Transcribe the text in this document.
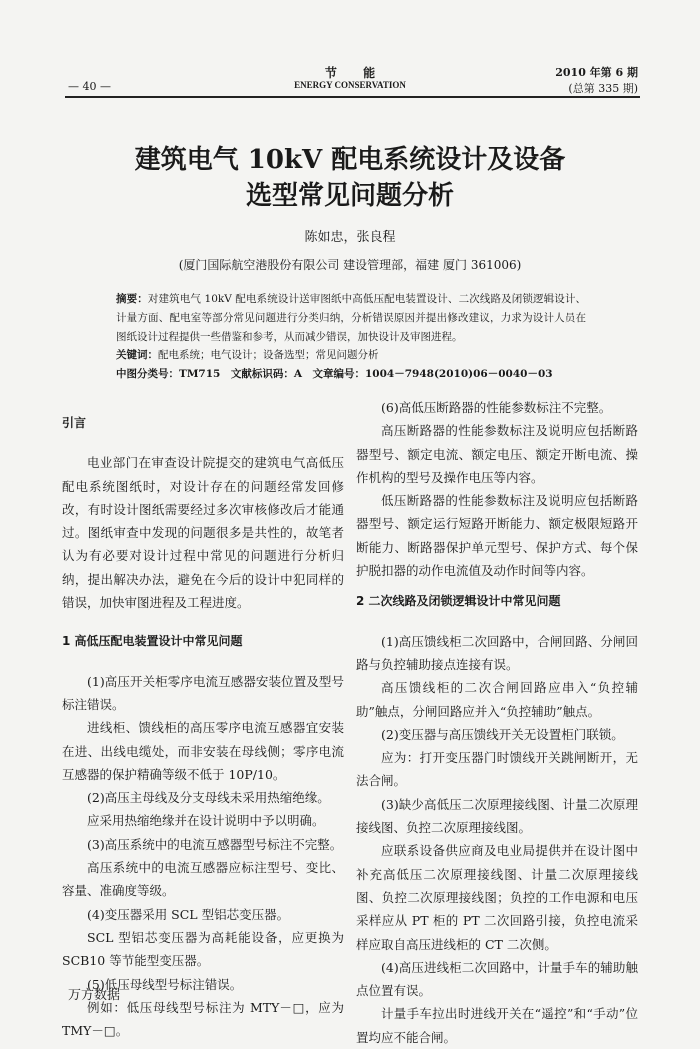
— 40 —
节 能
ENERGY CONSERVATION
2010 年第 6 期
(总第 335 期)
建筑电气 10kV 配电系统设计及设备
选型常见问题分析
陈如忠，张良程
(厦门国际航空港股份有限公司 建设管理部，福建 厦门 361006)
摘要：对建筑电气 10kV 配电系统设计送审图纸中高低压配电装置设计、二次线路及闭锁逻辑设计、计量方面、配电室等部分常见问题进行分类归纳，分析错误原因并提出修改建议，力求为设计人员在图纸设计过程提供一些借鉴和参考，从而减少错误，加快设计及审图进程。
关键词：配电系统；电气设计；设备选型；常见问题分析
中图分类号：TM715　文献标识码：A　文章编号：1004－7948(2010)06－0040－03

引言

电业部门在审查设计院提交的建筑电气高低压配电系统图纸时，对设计存在的问题经常发回修改，有时设计图纸需要经过多次审核修改后才能通过。图纸审查中发现的问题很多是共性的，故笔者认为有必要对设计过程中常见的问题进行分析归纳，提出解决办法，避免在今后的设计中犯同样的错误，加快审图进程及工程进度。

1 高低压配电装置设计中常见问题

(1)高压开关柜零序电流互感器安装位置及型号标注错误。

进线柜、馈线柜的高压零序电流互感器宜安装在进、出线电缆处，而非安装在母线侧；零序电流互感器的保护精确等级不低于 10P/10。

(2)高压主母线及分支母线未采用热缩绝缘。

应采用热缩绝缘并在设计说明中予以明确。

(3)高压系统中的电流互感器型号标注不完整。

高压系统中的电流互感器应标注型号、变比、容量、准确度等级。

(4)变压器采用 SCL 型铝芯变压器。

SCL 型铝芯变压器为高耗能设备，应更换为 SCB10 等节能型变压器。

(5)低压母线型号标注错误。

例如：低压母线型号标注为 MTY－□，应为 TMY－□。

(6)高低压断路器的性能参数标注不完整。

高压断路器的性能参数标注及说明应包括断路器型号、额定电流、额定电压、额定开断电流、操作机构的型号及操作电压等内容。

低压断路器的性能参数标注及说明应包括断路器型号、额定运行短路开断能力、额定极限短路开断能力、断路器保护单元型号、保护方式、每个保护脱扣器的动作电流值及动作时间等内容。

2 二次线路及闭锁逻辑设计中常见问题

(1)高压馈线柜二次回路中，合闸回路、分闸回路与负控辅助接点连接有误。

高压馈线柜的二次合闸回路应串入“负控辅助”触点，分闸回路应并入“负控辅助”触点。

(2)变压器与高压馈线开关无设置柜门联锁。

应为：打开变压器门时馈线开关跳闸断开，无法合闸。

(3)缺少高低压二次原理接线图、计量二次原理接线图、负控二次原理接线图。

应联系设备供应商及电业局提供并在设计图中补充高低压二次原理接线图、计量二次原理接线图、负控二次原理接线图；负控的工作电源和电压采样应从 PT 柜的 PT 二次回路引接，负控电流采样应取自高压进线柜的 CT 二次侧。

(4)高压进线柜二次回路中，计量手车的辅助触点位置有误。

计量手车拉出时进线开关在“遥控”和“手动”位置均应不能合闸。

万方数据
